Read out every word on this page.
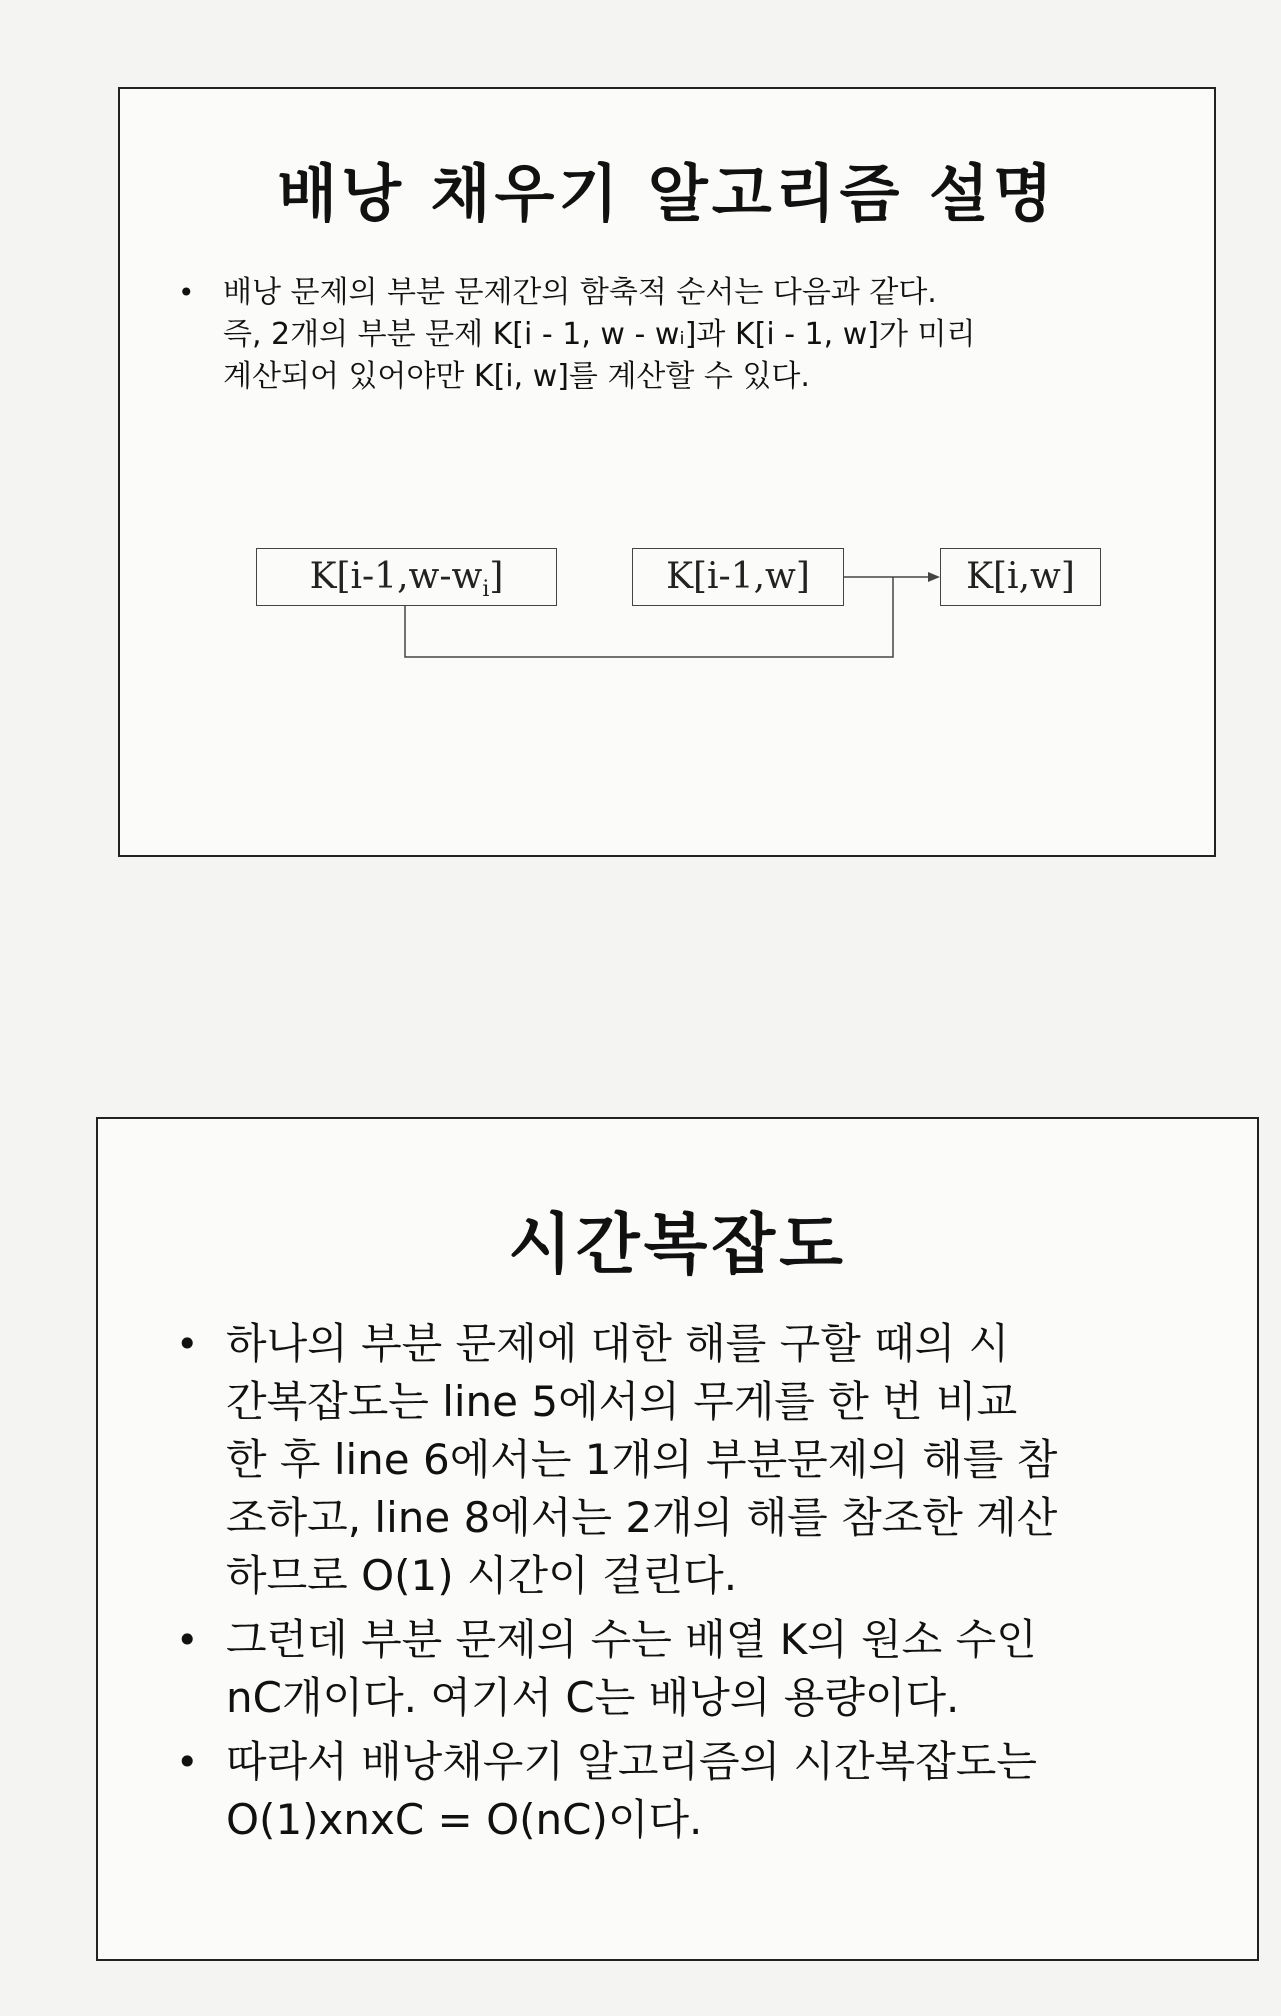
배낭 채우기 알고리즘 설명
• 배낭 문제의 부분 문제간의 함축적 순서는 다음과 같다.
즉, 2개의 부분 문제 K[i - 1, w - wᵢ]과 K[i - 1, w]가 미리
계산되어 있어야만 K[i, w]를 계산할 수 있다.
$K[i-1,w-w_i]$	K[i-1,w]	K[i,w]
시간복잡도
• 하나의 부분 문제에 대한 해를 구할 때의 시
간복잡도는 line 5에서의 무게를 한 번 비교
한 후 line 6에서는 1개의 부분문제의 해를 참
조하고, line 8에서는 2개의 해를 참조한 계산
하므로 O(1) 시간이 걸린다.
• 그런데 부분 문제의 수는 배열 K의 원소 수인
nC개이다. 여기서 C는 배낭의 용량이다.
• 따라서 배낭채우기 알고리즘의 시간복잡도는
O(1)xnxC = O(nC)이다.
